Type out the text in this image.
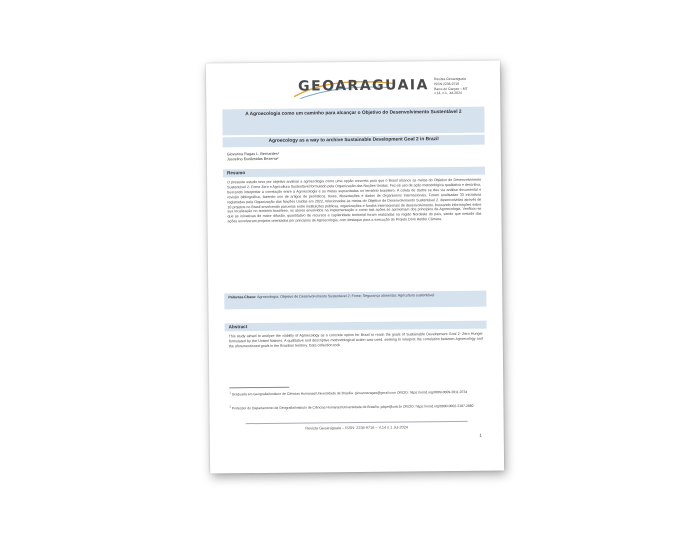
GEOARAGUAIA Revista Geoaraguaia
ISSN:2236-9716
Barra do Garças – MT
v.14, n.1, Jul-2024
A Agroecologia como um caminho para alcançar o Objetivo do Desenvolvimento Sustentável 2
Agroecology as a way to archive Sustainable Development Goal 2 in Brazil
Giovanna Ragas L. Bernardes¹
Juscelino Eudâmidas Bezerra²
Resumo
O presente estudo teve por objetivo analisar a agroecologia como uma opção concreta para que o Brasil alcance as metas do Objetivo de Desenvolvimento Sustentável 2- Fome Zero e Agricultura Sustentável formulado pela Organização das Nações Unidas. Fez-se uso de ação metodológica qualitativa e descritiva, buscando interpretar a correlação entre a Agroecologia e as metas supracitadas no território brasileiro. A coleta de dados se deu via análise documental e revisão bibliográfica, fazendo uso de artigos de periódicos, teses, dissertações e dados de Organismos Internacionais. Foram analisadas 33 iniciativas registradas pela Organização das Nações Unidas em 2022, relacionadas às metas do Objetivo de Desenvolvimento Sustentável 2, desenvolvidas através de 10 projetos no Brasil envolvendo parcerias entre instituições públicas, organizações e fundos internacionais de desenvolvimento, buscando informações sobre sua localização no território brasileiro, os atores envolvidos na implementação e como tais ações se aproximam dos princípios da Agroecologia. Verificou-se que as iniciativas de maior difusão, quantitativo de recursos e capilaridade territorial foram realizadas na região Nordeste do país, sendo que metade das ações envolveram projetos orientados por princípios de Agroecologia, com destaque para a execução do Projeto Dom Helder Câmara.
Palavras-Chave: Agroecologia; Objetivo de Desenvolvimento Sustentável 2; Fome; Segurança alimentar; Agricultura sustentável.
Abstract
This study aimed to analyze the viability of Agroecology as a concrete option for Brazil to reach the goals of Sustainable Development Goal 2- Zero Hunger formulated by the United Nations. A qualitative and descriptive methodological action was used, seeking to interpret the correlation between Agroecology and the aforementioned goals in the Brazilian territory. Data collection took
$^1$ Graduada em Geografia/Instituto de Ciências Humanas/Universidade de Brasília. giovannaragas@gmail.com ORCID: https://orcid.org/0009-0009-2811-0734
$^2$ Professor do Departamento de Geografia/Instituto de Ciências Humanas/Universidade de Brasília. jubpe@unb.br ORCID: https://orcid.org/0000-0002-2187-2880
Revista Geoaraguaia – ISSN: 2236-9716 – V.14 n.1 Jul-2024
1
